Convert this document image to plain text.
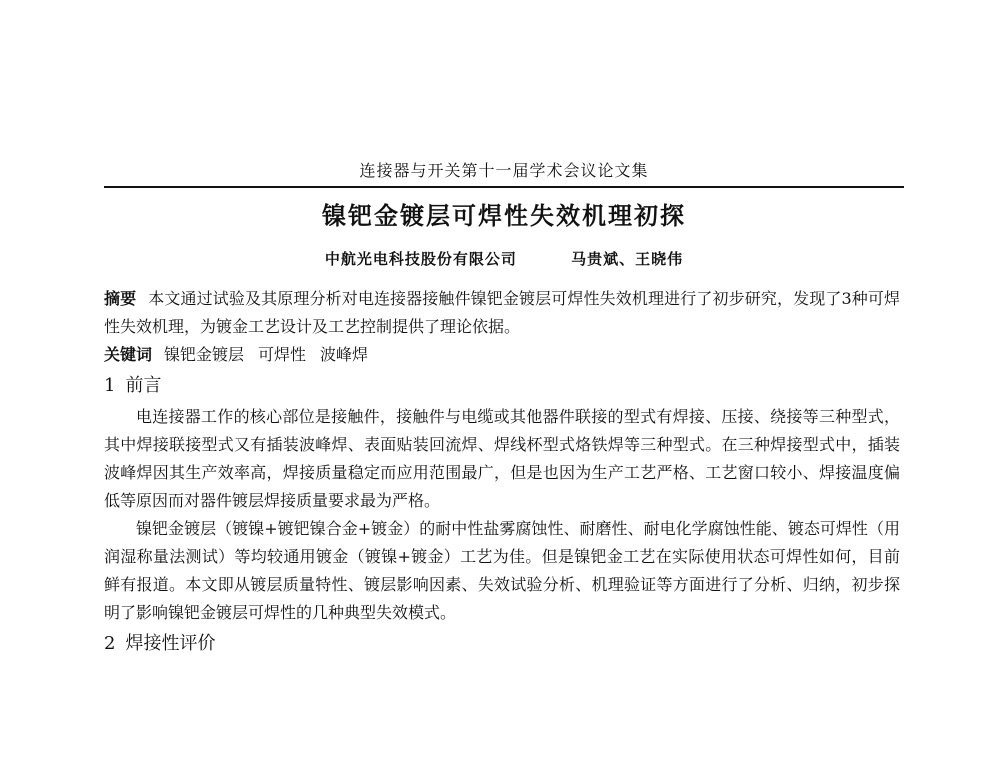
连接器与开关第十一届学术会议论文集
镍钯金镀层可焊性失效机理初探
中航光电科技股份有限公司	马贵斌、王晓伟

摘要 本文通过试验及其原理分析对电连接器接触件镍钯金镀层可焊性失效机理进行了初步研究，发现了3种可焊性失效机理，为镀金工艺设计及工艺控制提供了理论依据。

关键词 镍钯金镀层 可焊性 波峰焊

1 前言

电连接器工作的核心部位是接触件，接触件与电缆或其他器件联接的型式有焊接、压接、绕接等三种型式，其中焊接联接型式又有插装波峰焊、表面贴装回流焊、焊线杯型式烙铁焊等三种型式。在三种焊接型式中，插装波峰焊因其生产效率高，焊接质量稳定而应用范围最广，但是也因为生产工艺严格、工艺窗口较小、焊接温度偏低等原因而对器件镀层焊接质量要求最为严格。

镍钯金镀层（镀镍+镀钯镍合金+镀金）的耐中性盐雾腐蚀性、耐磨性、耐电化学腐蚀性能、镀态可焊性（用润湿称量法测试）等均较通用镀金（镀镍+镀金）工艺为佳。但是镍钯金工艺在实际使用状态可焊性如何，目前鲜有报道。本文即从镀层质量特性、镀层影响因素、失效试验分析、机理验证等方面进行了分析、归纳，初步探明了影响镍钯金镀层可焊性的几种典型失效模式。

2 焊接性评价
